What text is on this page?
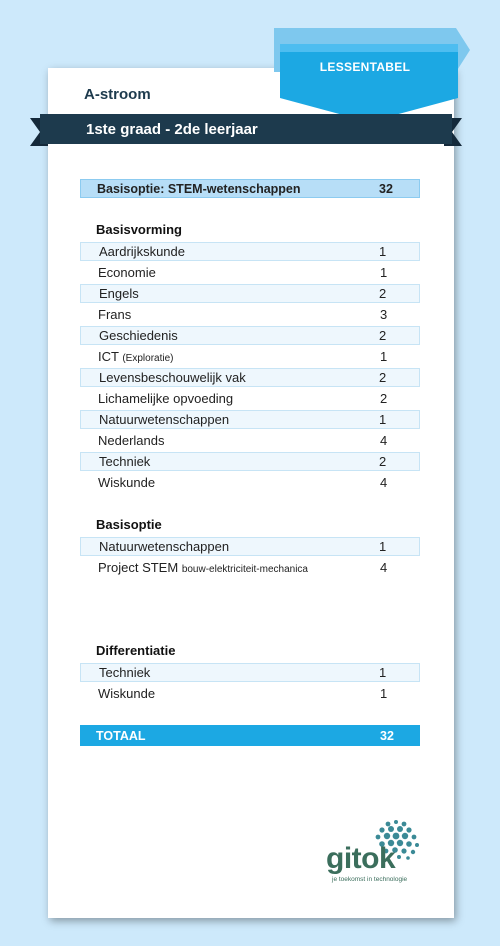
LESSENTABEL
A-stroom
1ste graad - 2de leerjaar
Basisoptie: STEM-wetenschappen	32
Basisvorming
Aardrijkskunde	1
Economie	1
Engels	2
Frans	3
Geschiedenis	2
ICT (Exploratie)	1
Levensbeschouwelijk vak	2
Lichamelijke opvoeding	2
Natuurwetenschappen	1
Nederlands	4
Techniek	2
Wiskunde	4
Basisoptie
Natuurwetenschappen	1
Project STEM bouw-elektriciteit-mechanica	4
Differentiatie
Techniek	1
Wiskunde	1
TOTAAL	32
gitok
je toekomst in technologie
